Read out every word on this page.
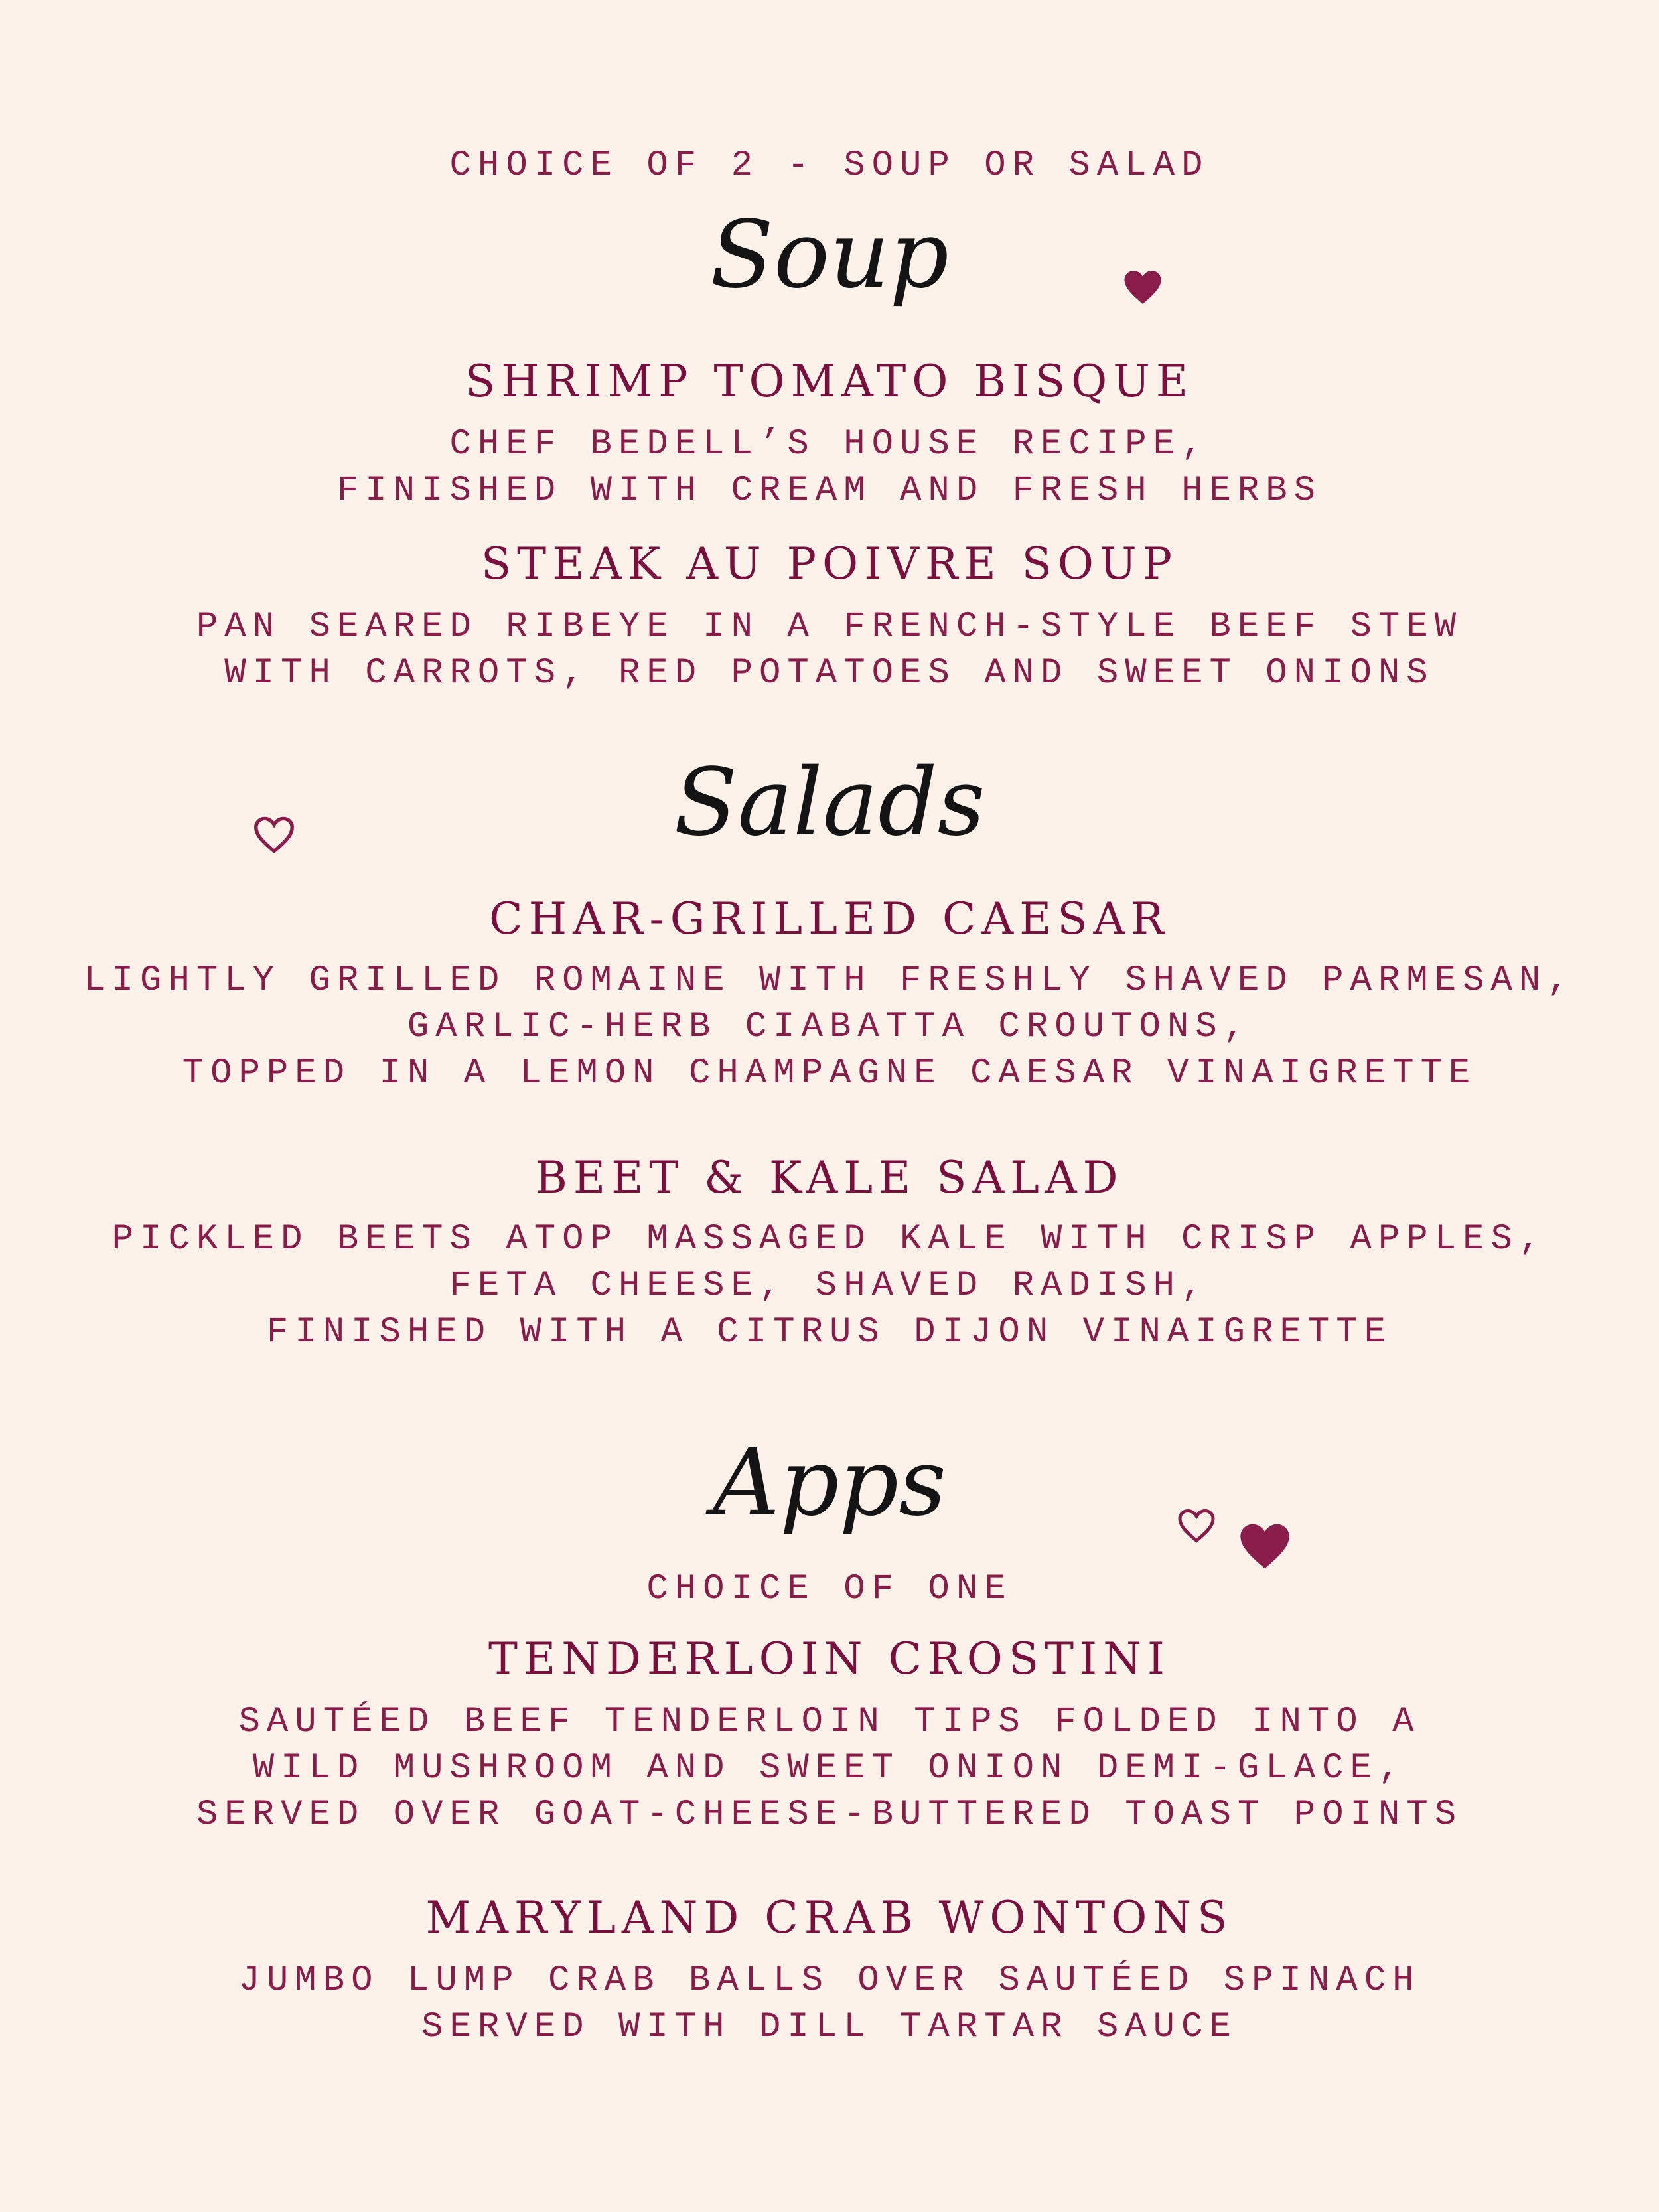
CHOICE OF 2 - SOUP OR SALAD

Soup
SHRIMP TOMATO BISQUE
CHEF BEDELL’S HOUSE RECIPE,
FINISHED WITH CREAM AND FRESH HERBS
STEAK AU POIVRE SOUP
PAN SEARED RIBEYE IN A FRENCH-STYLE BEEF STEW
WITH CARROTS, RED POTATOES AND SWEET ONIONS
Salads
CHAR-GRILLED CAESAR
LIGHTLY GRILLED ROMAINE WITH FRESHLY SHAVED PARMESAN,
GARLIC-HERB CIABATTA CROUTONS,
TOPPED IN A LEMON CHAMPAGNE CAESAR VINAIGRETTE
BEET & KALE SALAD
PICKLED BEETS ATOP MASSAGED KALE WITH CRISP APPLES,
FETA CHEESE, SHAVED RADISH,
FINISHED WITH A CITRUS DIJON VINAIGRETTE
Apps

CHOICE OF ONE

TENDERLOIN CROSTINI
SAUTÉED BEEF TENDERLOIN TIPS FOLDED INTO A
WILD MUSHROOM AND SWEET ONION DEMI-GLACE,
SERVED OVER GOAT-CHEESE-BUTTERED TOAST POINTS
MARYLAND CRAB WONTONS
JUMBO LUMP CRAB BALLS OVER SAUTÉED SPINACH
SERVED WITH DILL TARTAR SAUCE
